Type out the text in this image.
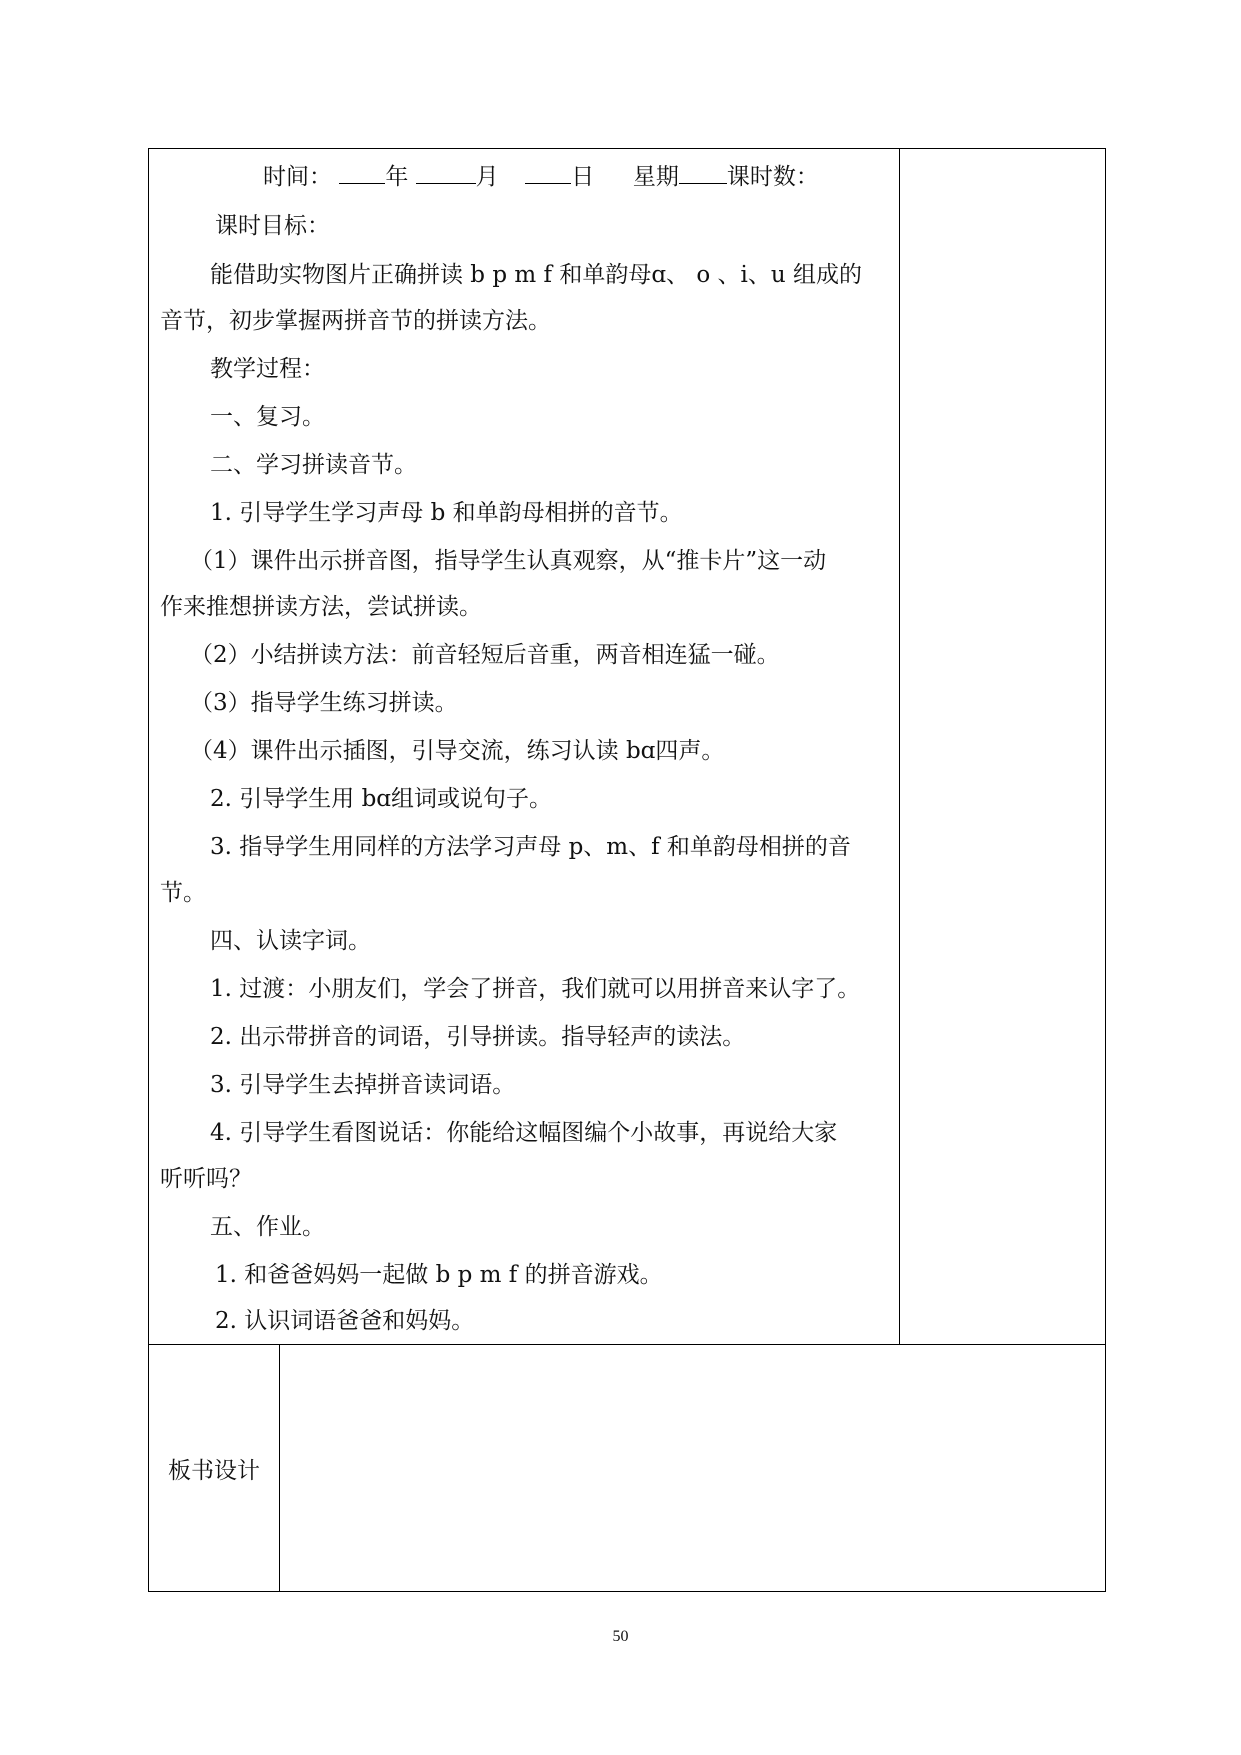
时间： 年	月	日 星期 课时数：
课时目标：
能借助实物图片正确拼读 b p m f 和单韵母ɑ、 o 、i、u 组成的
音节，初步掌握两拼音节的拼读方法。
教学过程：
一、复习。
二、学习拼读音节。
1. 引导学生学习声母 b 和单韵母相拼的音节。
（1）课件出示拼音图，指导学生认真观察，从“推卡片”这一动
作来推想拼读方法，尝试拼读。
（2）小结拼读方法：前音轻短后音重，两音相连猛一碰。
（3）指导学生练习拼读。
（4）课件出示插图，引导交流，练习认读 bɑ四声。
2. 引导学生用 bɑ组词或说句子。
3. 指导学生用同样的方法学习声母 p、m、f 和单韵母相拼的音
节。
四、认读字词。
1. 过渡：小朋友们，学会了拼音，我们就可以用拼音来认字了。
2. 出示带拼音的词语，引导拼读。指导轻声的读法。
3. 引导学生去掉拼音读词语。
4. 引导学生看图说话：你能给这幅图编个小故事，再说给大家
听听吗？
五、作业。
1. 和爸爸妈妈一起做 b p m f 的拼音游戏。
2. 认识词语爸爸和妈妈。
板书设计
50
